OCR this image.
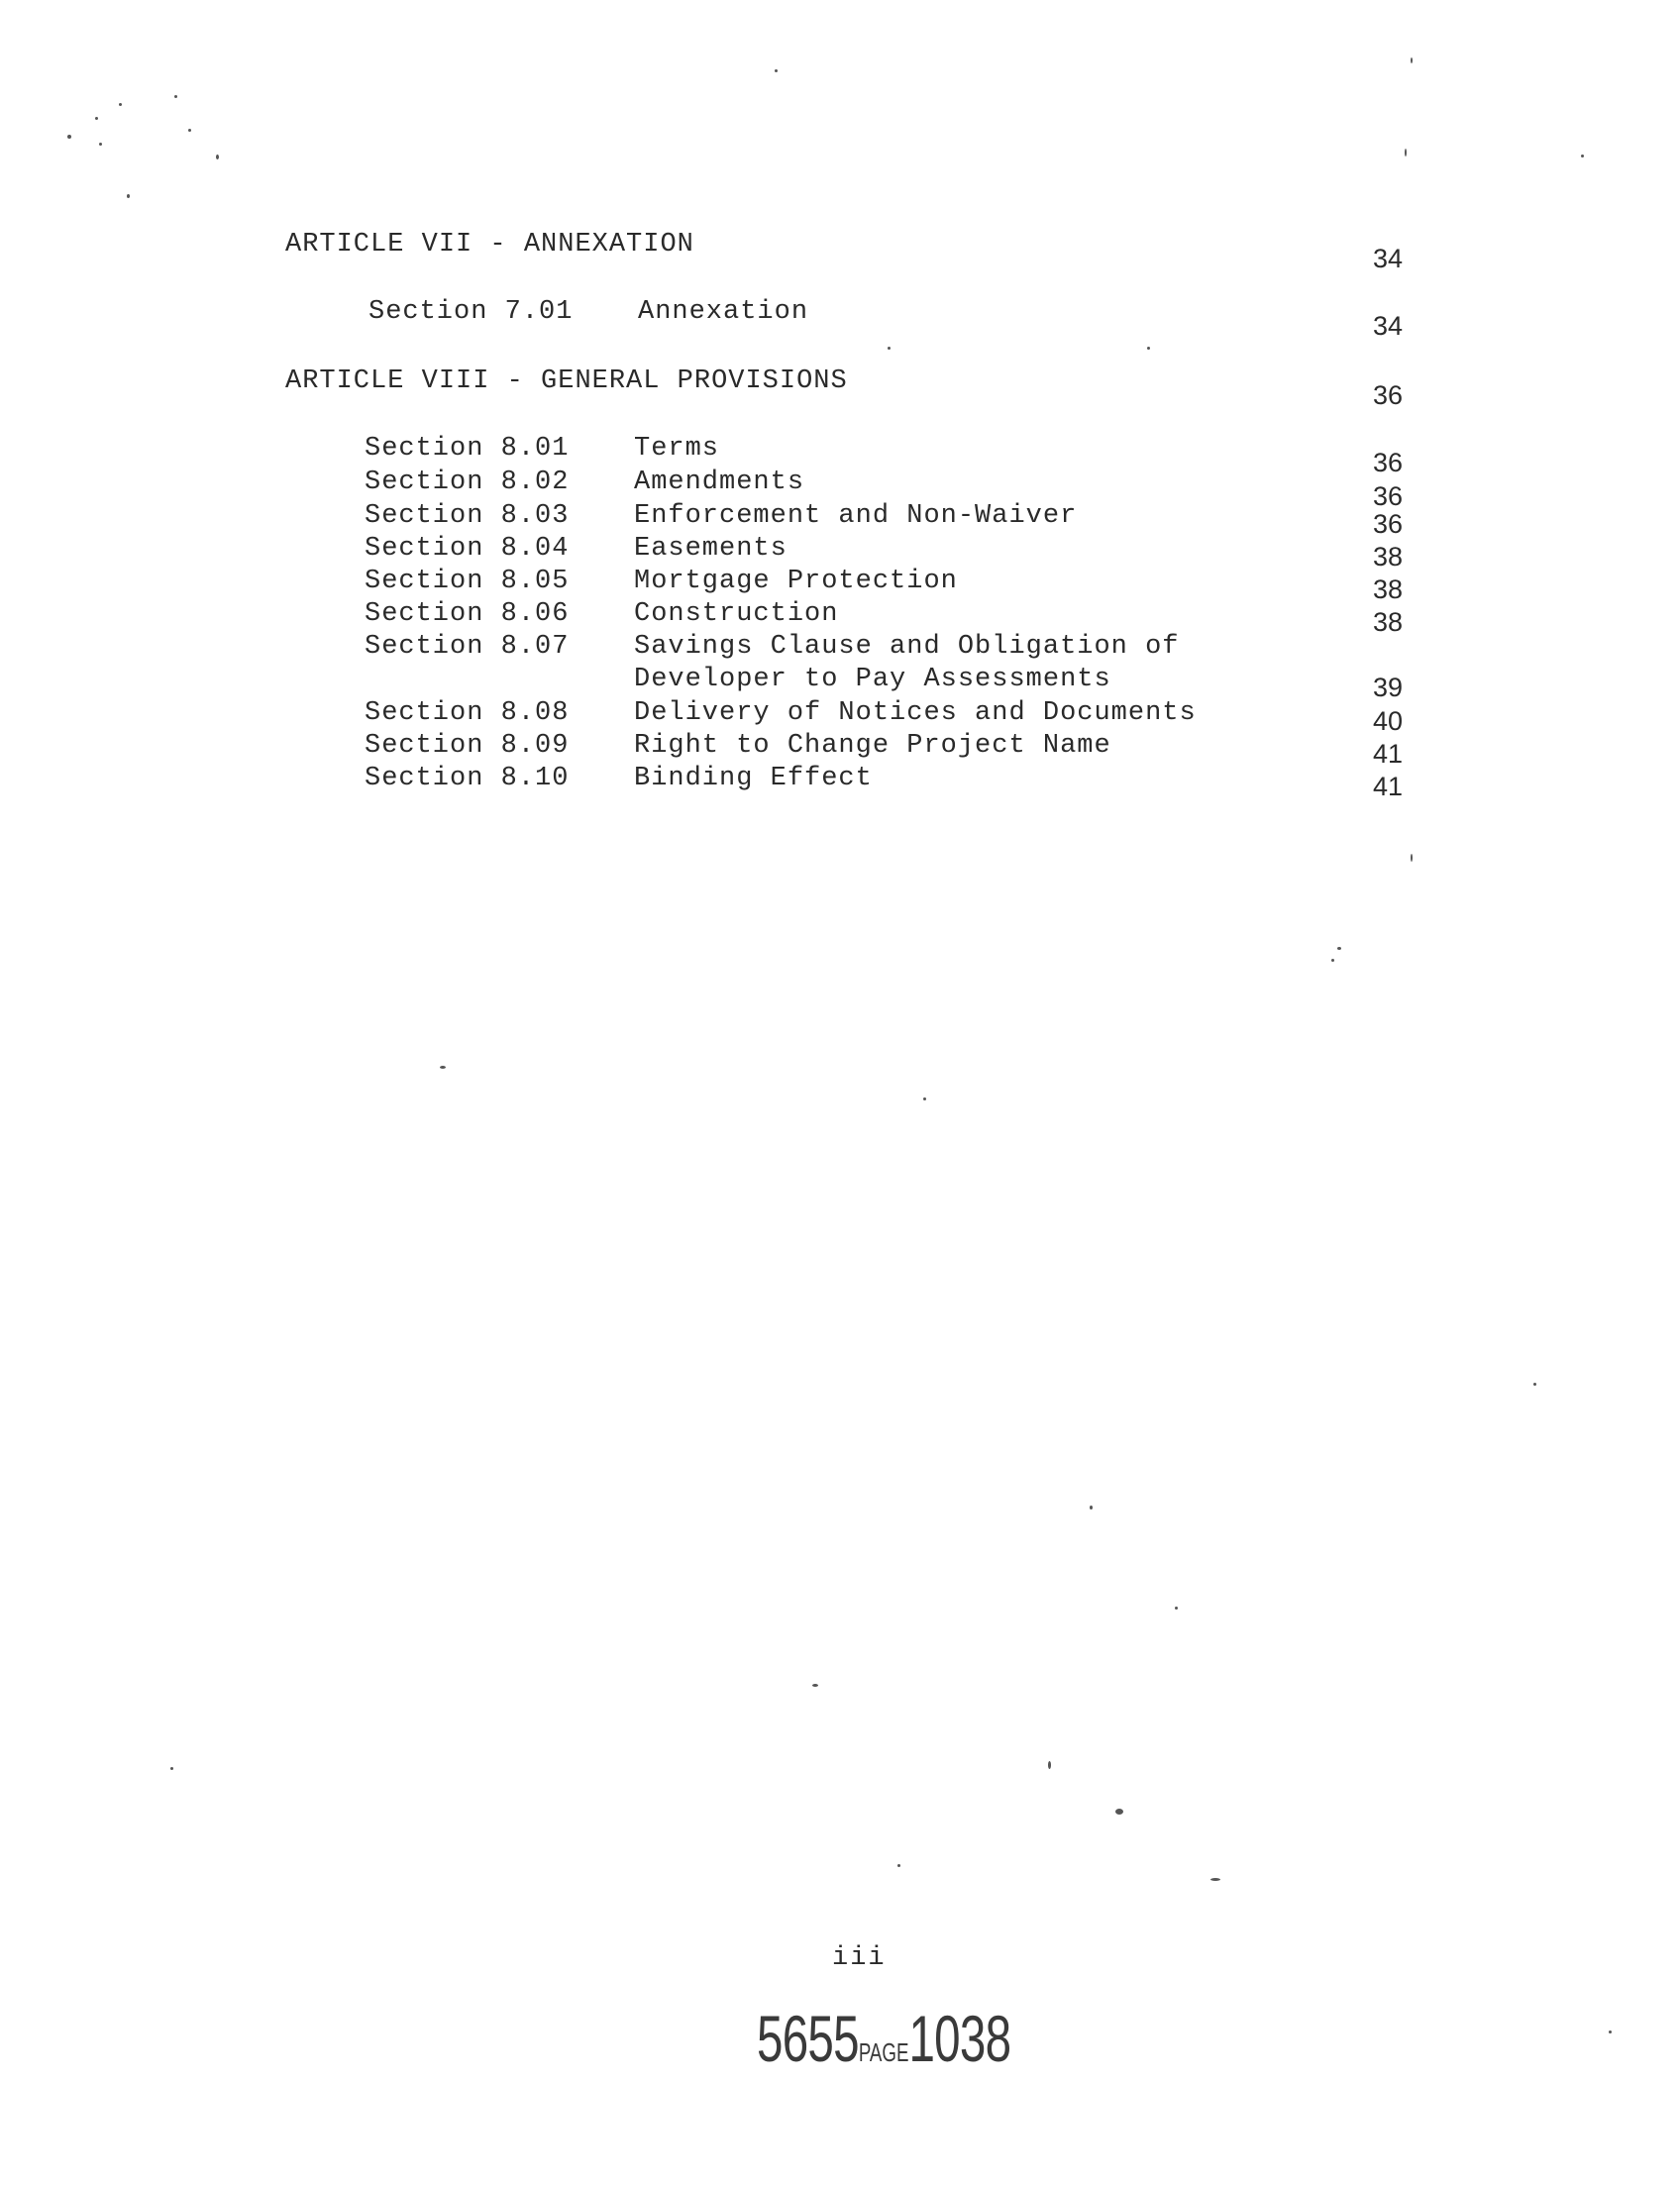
ARTICLE VII - ANNEXATION	34
Section 7.01 Annexation	34
ARTICLE VIII - GENERAL PROVISIONS	36
Section 8.01 Terms	36
Section 8.02 Amendments	36
Section 8.03 Enforcement and Non-Waiver	36
Section 8.04 Easements	38
Section 8.05 Mortgage Protection	38
Section 8.06 Construction	38
Section 8.07 Savings Clause and Obligation of
Developer to Pay Assessments	39
Section 8.08 Delivery of Notices and Documents	40
Section 8.09 Right to Change Project Name	41
Section 8.10 Binding Effect	41
iii
5655PAGE1038
